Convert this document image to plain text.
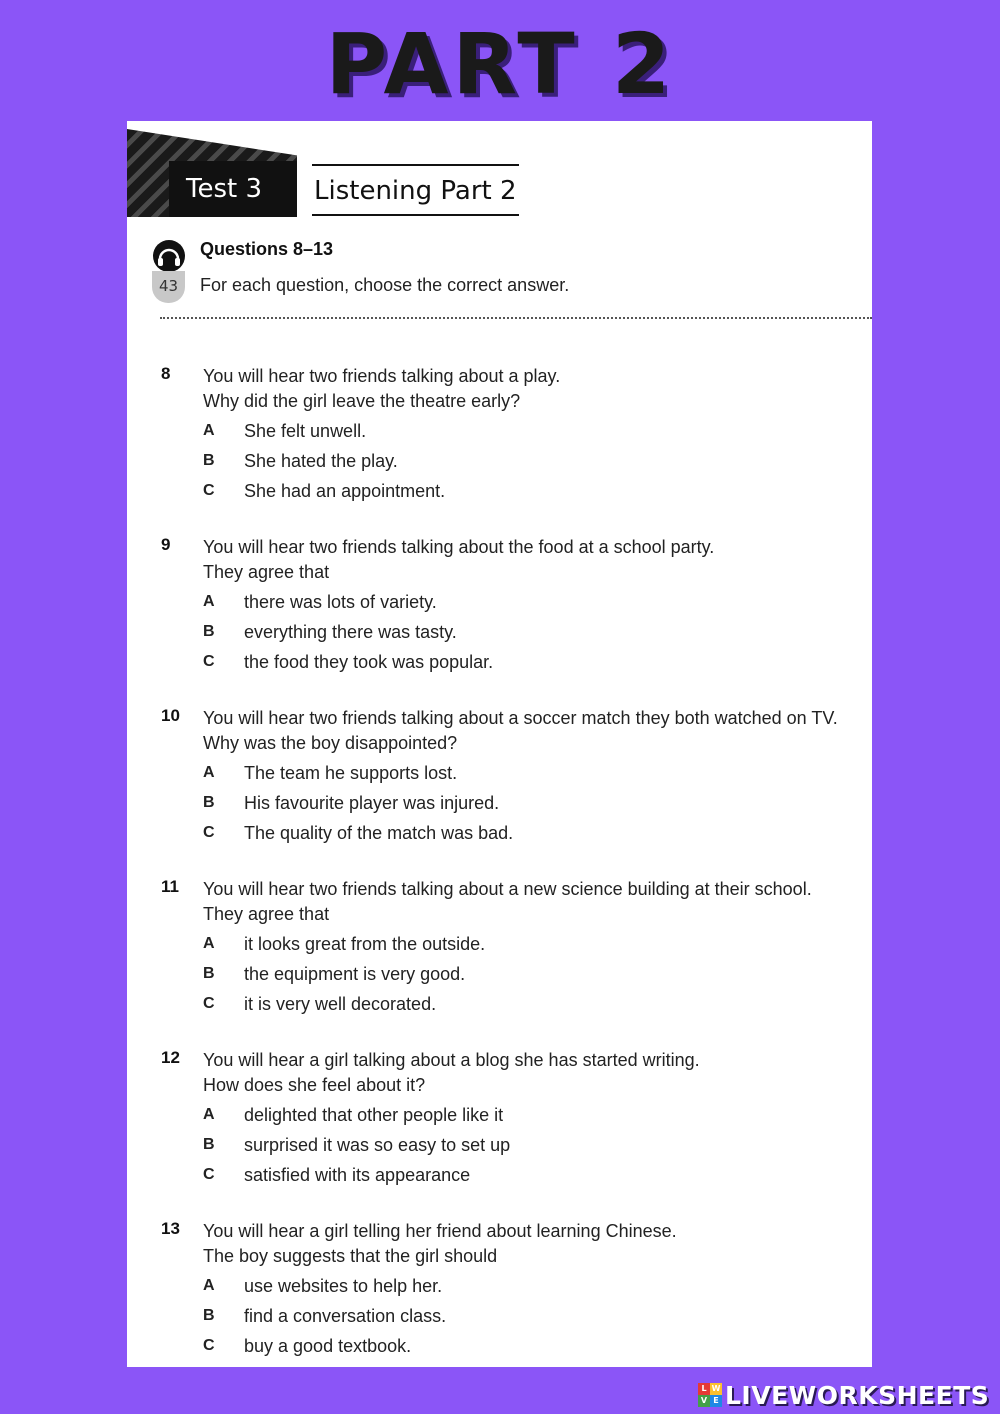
PART 2
Test 3	Listening Part 2
43
Questions 8–13
For each question, choose the correct answer.
8 You will hear two friends talking about a play.
Why did the girl leave the theatre early?
A She felt unwell.
B She hated the play.
C She had an appointment.
9 You will hear two friends talking about the food at a school party.
They agree that
A there was lots of variety.
B everything there was tasty.
C the food they took was popular.
10 You will hear two friends talking about a soccer match they both watched on TV.
Why was the boy disappointed?
A The team he supports lost.
B His favourite player was injured.
C The quality of the match was bad.
11 You will hear two friends talking about a new science building at their school.
They agree that
A it looks great from the outside.
B the equipment is very good.
C it is very well decorated.
12 You will hear a girl talking about a blog she has started writing.
How does she feel about it?
A delighted that other people like it
B surprised it was so easy to set up
C satisfied with its appearance
13 You will hear a girl telling her friend about learning Chinese.
The boy suggests that the girl should
A use websites to help her.
B find a conversation class.
C buy a good textbook.
L W
V E LIVEWORKSHEETS
